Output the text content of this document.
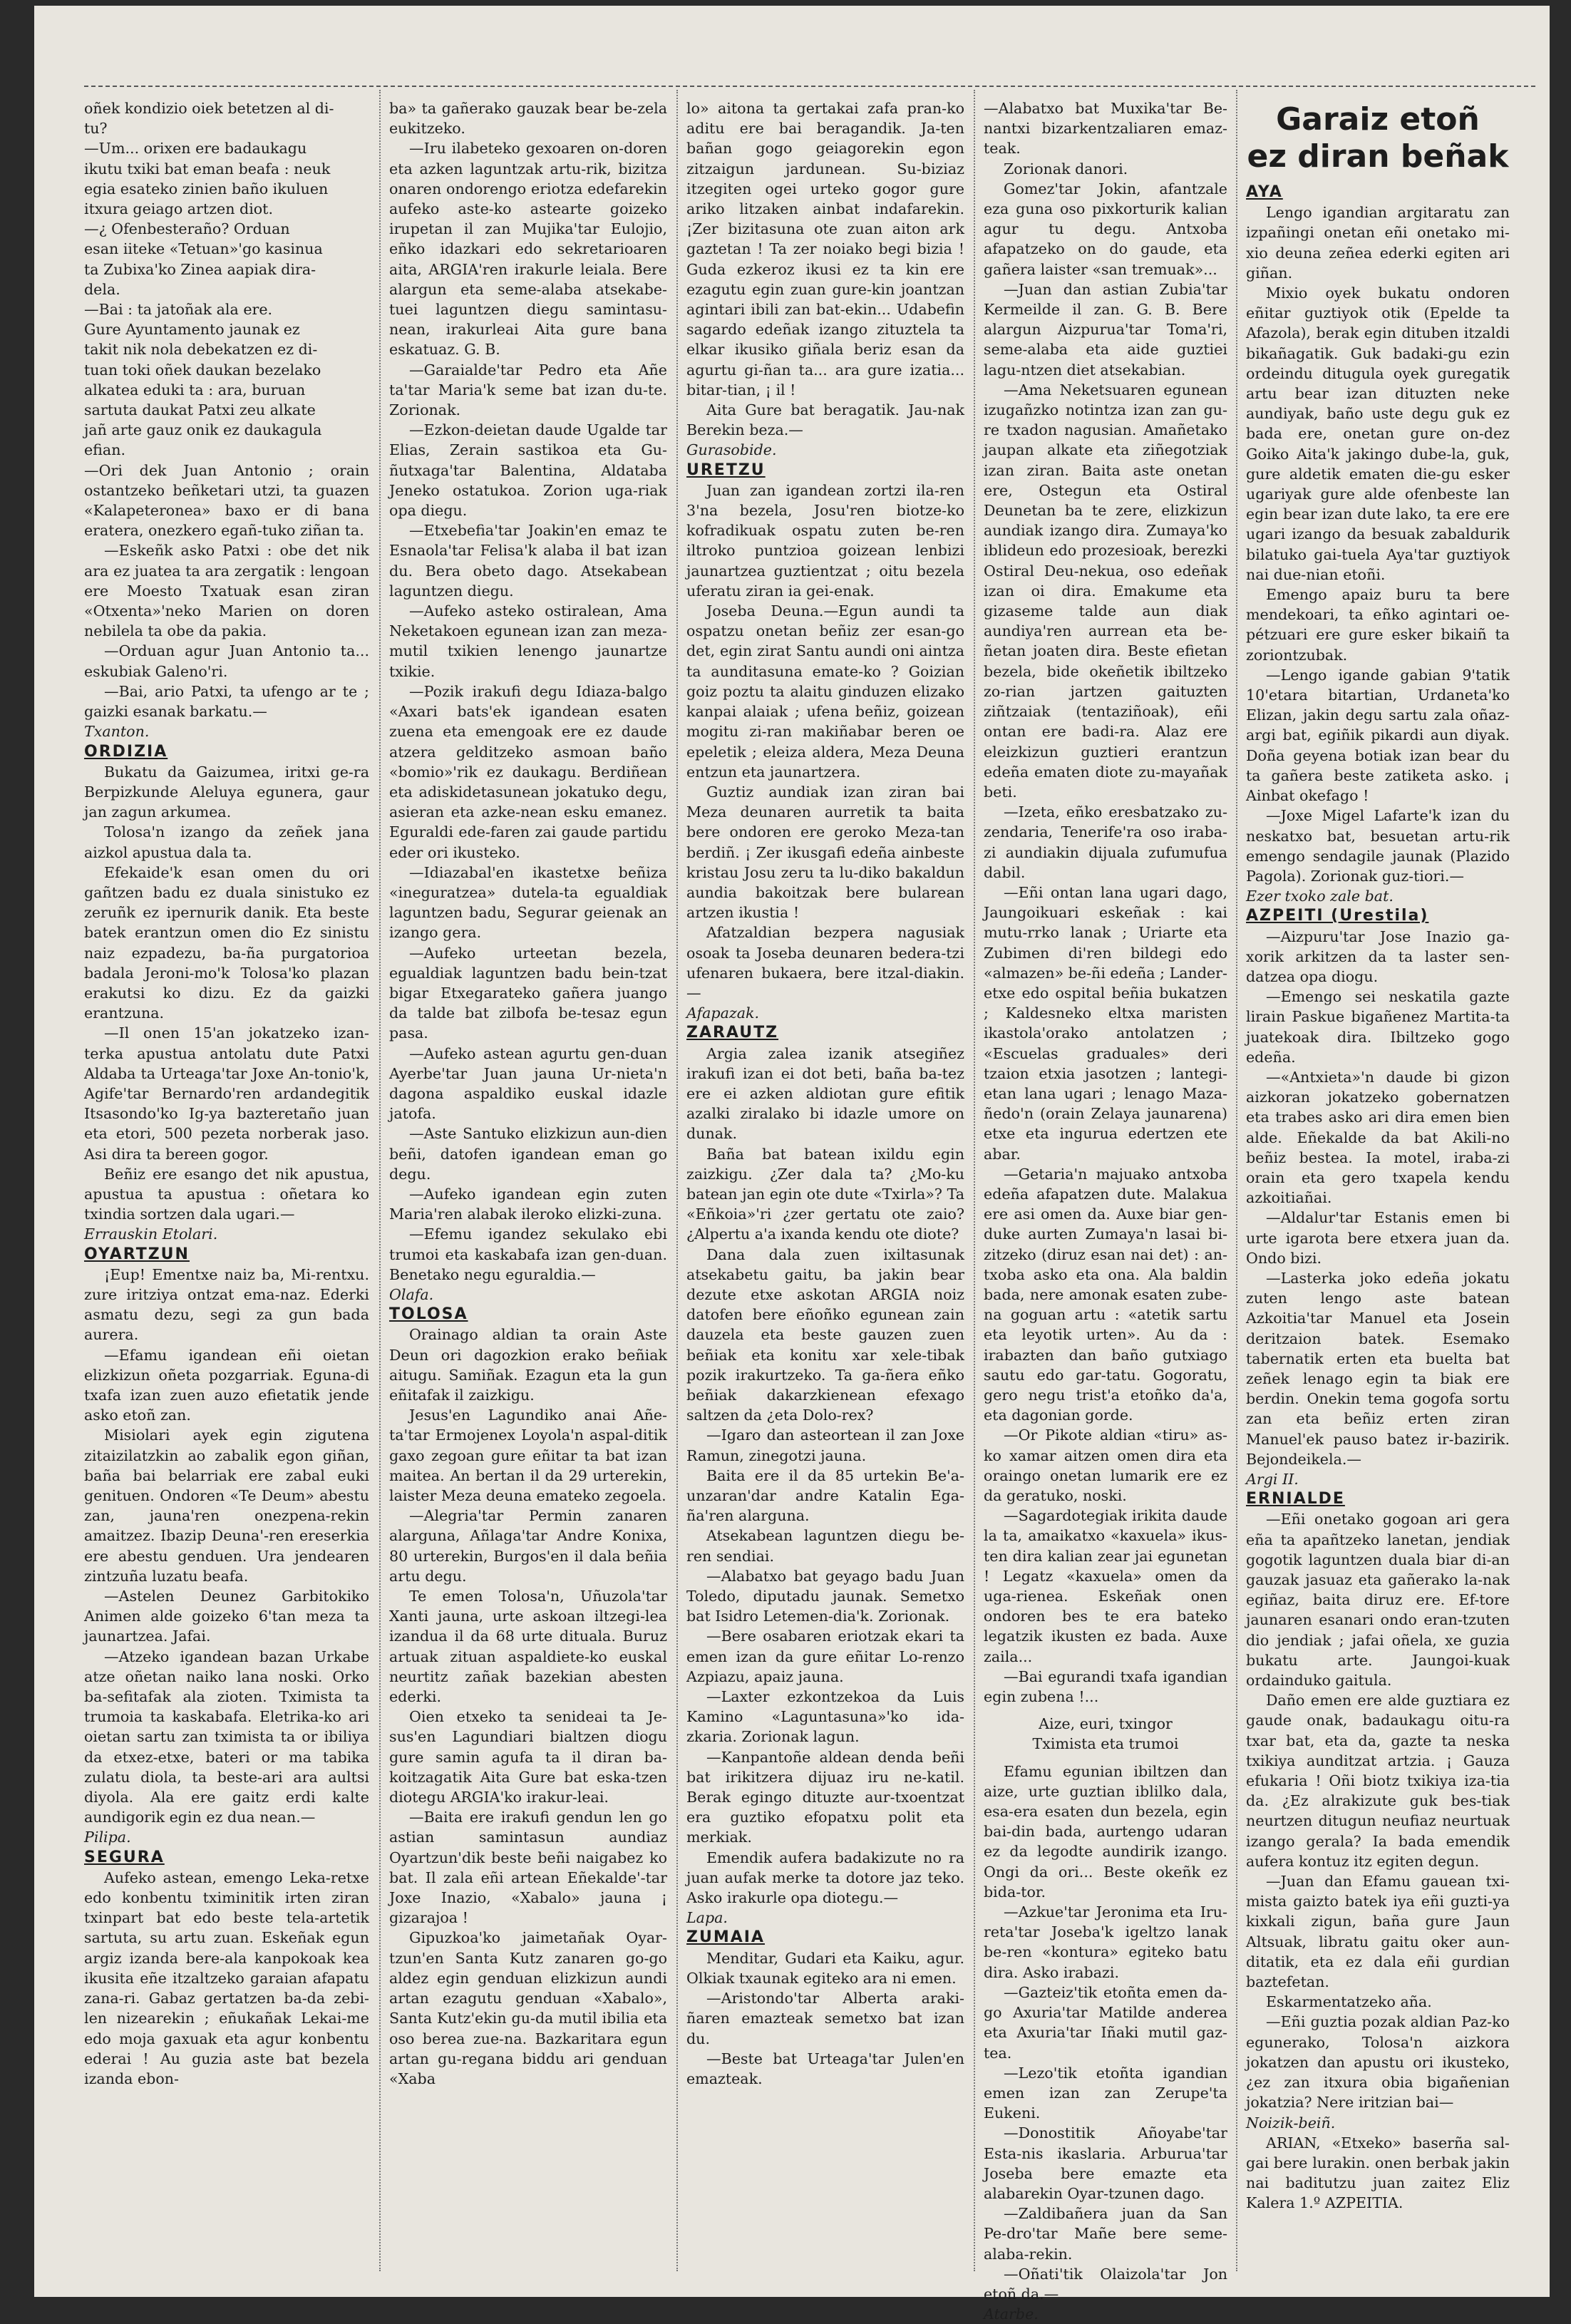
oñek kondizio oiek betetzen al di-

tu?

—Um... orixen ere badaukagu

ikutu txiki bat eman beafa : neuk

egia esateko zinien baño ikuluen

itxura geiago artzen diot.

—¿ Ofenbesteraño? Orduan

esan iiteke «Tetuan»'go kasinua

ta Zubixa'ko Zinea aapiak dira-

dela.

—Bai : ta jatoñak ala ere.

Gure Ayuntamento jaunak ez

takit nik nola debekatzen ez di-

tuan toki oñek daukan bezelako

alkatea eduki ta : ara, buruan

sartuta daukat Patxi zeu alkate

jañ arte gauz onik ez daukagula

efian.

—Ori dek Juan Antonio ; orain ostantzeko beñketari utzi, ta guazen «Kalapeteronea» baxo er di bana eratera, onezkero egañ-tuko ziñan ta.

—Eskeñk asko Patxi : obe det nik ara ez juatea ta ara zergatik : lengoan ere Moesto Txatuak esan ziran «Otxenta»'neko Marien on doren nebilela ta obe da pakia.

—Orduan agur Juan Antonio ta... eskubiak Galeno'ri.

—Bai, ario Patxi, ta ufengo ar te ; gaizki esanak barkatu.—

Txanton.

ORDIZIA

Bukatu da Gaizumea, iritxi ge-ra Berpizkunde Aleluya egunera, gaur jan zagun arkumea.

Tolosa'n izango da zeñek jana aizkol apustua dala ta.

Efekaide'k esan omen du ori gañtzen badu ez duala sinistuko ez zeruñk ez ipernurik danik. Eta beste batek erantzun omen dio Ez sinistu naiz ezpadezu, ba-ña purgatorioa badala Jeroni-mo'k Tolosa'ko plazan erakutsi ko dizu. Ez da gaizki erantzuna.

—Il onen 15'an jokatzeko izan-terka apustua antolatu dute Patxi Aldaba ta Urteaga'tar Joxe An-tonio'k, Agife'tar Bernardo'ren ardandegitik Itsasondo'ko Ig-ya bazteretaño juan eta etori, 500 pezeta norberak jaso. Asi dira ta bereen gogor.

Beñiz ere esango det nik apustua, apustua ta apustua : oñetara ko txindia sortzen dala ugari.—

Errauskin Etolari.

OYARTZUN

¡Eup! Ementxe naiz ba, Mi-rentxu. zure iritziya ontzat ema-naz. Ederki asmatu dezu, segi za gun bada aurera.

—Efamu igandean eñi oietan elizkizun oñeta pozgarriak. Eguna-di txafa izan zuen auzo efietatik jende asko etoñ zan.

Misiolari ayek egin zigutena zitaizilatzkin ao zabalik egon giñan, baña bai belarriak ere zabal euki genituen. Ondoren «Te Deum» abestu zan, jauna'ren onezpena-rekin amaitzez. Ibazip Deuna'-ren ereserkia ere abestu genduen. Ura jendearen zintzuña luzatu beafa.

—Astelen Deunez Garbitokiko Animen alde goizeko 6'tan meza ta jaunartzea. Jafai.

—Atzeko igandean bazan Urkabe atze oñetan naiko lana noski. Orko ba-sefitafak ala zioten. Tximista ta trumoia ta kaskabafa. Eletrika-ko ari oietan sartu zan tximista ta or ibiliya da etxez-etxe, bateri or ma tabika zulatu diola, ta beste-ari ara aultsi diyola. Ala ere gaitz erdi kalte aundigorik egin ez dua nean.—

Pilipa.

SEGURA

Aufeko astean, emengo Leka-retxe edo konbentu tximinitik irten ziran txinpart bat edo beste tela-artetik sartuta, su artu zuan. Eskeñak egun argiz izanda bere-ala kanpokoak kea ikusita eñe itzaltzeko garaian afapatu zana-ri. Gabaz gertatzen ba-da zebi-len nizearekin ; eñukañak Lekai-me edo moja gaxuak eta agur konbentu ederai ! Au guzia aste bat bezela izanda ebon-

ba» ta gañerako gauzak bear be-zela eukitzeko.

—Iru ilabeteko gexoaren on-doren eta azken laguntzak artu-rik, bizitza onaren ondorengo eriotza edefarekin aufeko aste-ko astearte goizeko irupetan il zan Mujika'tar Eulojio, eñko idazkari edo sekretarioaren aita, ARGIA'ren irakurle leiala. Bere alargun eta seme-alaba atsekabe-tuei laguntzen diegu samintasu-nean, irakurleai Aita gure bana eskatuaz. G. B.

—Garaialde'tar Pedro eta Añe ta'tar Maria'k seme bat izan du-te. Zorionak.

—Ezkon-deietan daude Ugalde tar Elias, Zerain sastikoa eta Gu-ñutxaga'tar Balentina, Aldataba Jeneko ostatukoa. Zorion uga-riak opa diegu.

—Etxebefia'tar Joakin'en emaz te Esnaola'tar Felisa'k alaba il bat izan du. Bera obeto dago. Atsekabean laguntzen diegu.

—Aufeko asteko ostiralean, Ama Neketakoen egunean izan zan meza-mutil txikien lenengo jaunartze txikie.

—Pozik irakufi degu Idiaza-balgo «Axari bats'ek igandean esaten zuena eta emengoak ere ez daude atzera gelditzeko asmoan baño «bomio»'rik ez daukagu. Berdiñean eta adiskidetasunean jokatuko degu, asieran eta azke-nean esku emanez. Eguraldi ede-faren zai gaude partidu eder ori ikusteko.

—Idiazabal'en ikastetxe beñiza «ineguratzea» dutela-ta egualdiak laguntzen badu, Segurar geienak an izango gera.

—Aufeko urteetan bezela, egualdiak laguntzen badu bein-tzat bigar Etxegarateko gañera juango da talde bat zilbofa be-tesaz egun pasa.

—Aufeko astean agurtu gen-duan Ayerbe'tar Juan jauna Ur-nieta'n dagona aspaldiko euskal idazle jatofa.

—Aste Santuko elizkizun aun-dien beñi, datofen igandean eman go degu.

—Aufeko igandean egin zuten Maria'ren alabak ileroko elizki-zuna.

—Efemu igandez sekulako ebi trumoi eta kaskabafa izan gen-duan. Benetako negu eguraldia.—

Olafa.

TOLOSA

Orainago aldian ta orain Aste Deun ori dagozkion erako beñiak aitugu. Samiñak. Ezagun eta la gun eñitafak il zaizkigu.

Jesus'en Lagundiko anai Añe-ta'tar Ermojenex Loyola'n aspal-ditik gaxo zegoan gure eñitar ta bat izan maitea. An bertan il da 29 urterekin, laister Meza deuna emateko zegoela.

—Alegria'tar Permin zanaren alarguna, Añlaga'tar Andre Konixa, 80 urterekin, Burgos'en il dala beñia artu degu.

Te emen Tolosa'n, Uñuzola'tar Xanti jauna, urte askoan iltzegi-lea izandua il da 68 urte dituala. Buruz artuak zituan aspaldiete-ko euskal neurtitz zañak bazekian abesten ederki.

Oien etxeko ta senideai ta Je-sus'en Lagundiari bialtzen diogu gure samin agufa ta il diran ba-koitzagatik Aita Gure bat eska-tzen diotegu ARGIA'ko irakur-leai.

—Baita ere irakufi gendun len go astian samintasun aundiaz Oyartzun'dik beste beñi naigabez ko bat. Il zala eñi artean Eñekalde'-tar Joxe Inazio, «Xabalo» jauna ¡ gizarajoa !

Gipuzkoa'ko jaimetañak Oyar-tzun'en Santa Kutz zanaren go-go aldez egin genduan elizkizun aundi artan ezagutu genduan «Xabalo», Santa Kutz'ekin gu-da mutil ibilia eta oso berea zue-na. Bazkaritara egun artan gu-regana biddu ari genduan «Xaba

lo» aitona ta gertakai zafa pran-ko aditu ere bai beragandik. Ja-ten bañan gogo geiagorekin egon zitzaigun jardunean. Su-biziaz itzegiten ogei urteko gogor gure ariko litzaken ainbat indafarekin. ¡Zer bizitasuna ote zuan aiton ark gaztetan ! Ta zer noiako begi bizia ! Guda ezkeroz ikusi ez ta kin ere ezagutu egin zuan gure-kin joantzan agintari ibili zan bat-ekin... Udabefin sagardo edeñak izango zituztela ta elkar ikusiko giñala beriz esan da agurtu gi-ñan ta... ara gure izatia... bitar-tian, ¡ il !

Aita Gure bat beragatik. Jau-nak Berekin beza.—

Gurasobide.

URETZU

Juan zan igandean zortzi ila-ren 3'na bezela, Josu'ren biotze-ko kofradikuak ospatu zuten be-ren iltroko puntzioa goizean lenbizi jaunartzea guztientzat ; oitu bezela uferatu ziran ia gei-enak.

Joseba Deuna.—Egun aundi ta ospatzu onetan beñiz zer esan-go det, egin zirat Santu aundi oni aintza ta aunditasuna emate-ko ? Goizian goiz poztu ta alaitu ginduzen elizako kanpai alaiak ; ufena beñiz, goizean mogitu zi-ran makiñabar beren oe epeletik ; eleiza aldera, Meza Deuna entzun eta jaunartzera.

Guztiz aundiak izan ziran bai Meza deunaren aurretik ta baita bere ondoren ere geroko Meza-tan berdiñ. ¡ Zer ikusgafi edeña ainbeste kristau Josu zeru ta lu-diko bakaldun aundia bakoitzak bere bularean artzen ikustia !

Afatzaldian bezpera nagusiak osoak ta Joseba deunaren bedera-tzi ufenaren bukaera, bere itzal-diakin.—

Afapazak.

ZARAUTZ

Argia zalea izanik atsegiñez irakufi izan ei dot beti, baña ba-tez ere ei azken aldiotan gure efitik azalki ziralako bi idazle umore on dunak.

Baña bat batean ixildu egin zaizkigu. ¿Zer dala ta? ¿Mo-ku batean jan egin ote dute «Txirla»? Ta «Eñkoia»'ri ¿zer gertatu ote zaio? ¿Alpertu a'a ixanda kendu ote diote?

Dana dala zuen ixiltasunak atsekabetu gaitu, ba jakin bear dezute etxe askotan ARGIA noiz datofen bere eñoñko egunean zain dauzela eta beste gauzen zuen beñiak eta konitu xar xele-tibak pozik irakurtzeko. Ta ga-ñera eñko beñiak dakarzkienean efexago saltzen da ¿eta Dolo-rex?

—Igaro dan asteortean il zan Joxe Ramun, zinegotzi jauna.

Baita ere il da 85 urtekin Be'a-unzaran'dar andre Katalin Ega-ña'ren alarguna.

Atsekabean laguntzen diegu be-ren sendiai.

—Alabatxo bat geyago badu Juan Toledo, diputadu jaunak. Semetxo bat Isidro Letemen-dia'k. Zorionak.

—Bere osabaren eriotzak ekari ta emen izan da gure eñitar Lo-renzo Azpiazu, apaiz jauna.

—Laxter ezkontzekoa da Luis Kamino «Laguntasuna»'ko ida-zkaria. Zorionak lagun.

—Kanpantoñe aldean denda beñi bat irikitzera dijuaz iru ne-katil. Berak egingo dituzte aur-txoentzat era guztiko efopatxu polit eta merkiak.

Emendik aufera badakizute no ra juan aufak merke ta dotore jaz teko. Asko irakurle opa diotegu.—

Lapa.

ZUMAIA

Menditar, Gudari eta Kaiku, agur. Olkiak txaunak egiteko ara ni emen.

—Aristondo'tar Alberta araki-ñaren emazteak semetxo bat izan du.

—Beste bat Urteaga'tar Julen'en emazteak.

—Alabatxo bat Muxika'tar Be-nantxi bizarkentzaliaren emaz-teak.

Zorionak danori.

Gomez'tar Jokin, afantzale eza guna oso pixkorturik kalian agur tu degu. Antxoba afapatzeko on do gaude, eta gañera laister «san tremuak»...

—Juan dan astian Zubia'tar Kermeilde il zan. G. B. Bere alargun Aizpurua'tar Toma'ri, seme-alaba eta aide guztiei lagu-ntzen diet atsekabian.

—Ama Neketsuaren egunean izugañzko notintza izan zan gu-re txadon nagusian. Amañetako jaupan alkate eta ziñegotziak izan ziran. Baita aste onetan ere, Ostegun eta Ostiral Deunetan ba te zere, elizkizun aundiak izango dira. Zumaya'ko iblideun edo prozesioak, berezki Ostiral Deu-nekua, oso edeñak izan oi dira. Emakume eta gizaseme talde aun diak aundiya'ren aurrean eta be-ñetan joaten dira. Beste efietan bezela, bide okeñetik ibiltzeko zo-rian jartzen gaituzten ziñtzaiak (tentaziñoak), eñi ontan ere badi-ra. Alaz ere eleizkizun guztieri erantzun edeña ematen diote zu-mayañak beti.

—Izeta, eñko eresbatzako zu-zendaria, Tenerife'ra oso iraba-zi aundiakin dijuala zufumufua dabil.

—Eñi ontan lana ugari dago, Jaungoikuari eskeñak : kai mutu-rrko lanak ; Uriarte eta Zubimen di'ren bildegi edo «almazen» be-ñi edeña ; Lander-etxe edo ospital beñia bukatzen ; Kaldesneko eltxa maristen ikastola'orako antolatzen ; «Escuelas graduales» deri tzaion etxia jasotzen ; lantegi-etan lana ugari ; lenago Maza-ñedo'n (orain Zelaya jaunarena) etxe eta ingurua edertzen ete abar.

—Getaria'n majuako antxoba edeña afapatzen dute. Malakua ere asi omen da. Auxe biar gen-duke aurten Zumaya'n lasai bi-zitzeko (diruz esan nai det) : an-txoba asko eta ona. Ala baldin bada, nere amonak esaten zube-na goguan artu : «atetik sartu eta leyotik urten». Au da : irabazten dan baño gutxiago sautu edo gar-tatu. Gogoratu, gero negu trist'a etoñko da'a, eta dagonian gorde.

—Or Pikote aldian «tiru» as-ko xamar aitzen omen dira eta oraingo onetan lumarik ere ez da geratuko, noski.

—Sagardotegiak irikita daude la ta, amaikatxo «kaxuela» ikus-ten dira kalian zear jai egunetan ! Legatz «kaxuela» omen da uga-rienea. Eskeñak onen ondoren bes te era bateko legatzik ikusten ez bada. Auxe zaila...

—Bai egurandi txafa igandian egin zubena !...

Aize, euri, txingor
Tximista eta trumoi

Efamu egunian ibiltzen dan aize, urte guztian iblilko dala, esa-era esaten dun bezela, egin bai-din bada, aurtengo udaran ez da legodte aundirik izango. Ongi da ori... Beste okeñk ez bida-tor.

—Azkue'tar Jeronima eta Iru-reta'tar Joseba'k igeltzo lanak be-ren «kontura» egiteko batu dira. Asko irabazi.

—Gazteiz'tik etoñta emen da-go Axuria'tar Matilde anderea eta Axuria'tar Iñaki mutil gaz-tea.

—Lezo'tik etoñta igandian emen izan zan Zerupe'ta Eukeni.

—Donostitik Añoyabe'tar Esta-nis ikaslaria. Arburua'tar Joseba bere emazte eta alabarekin Oyar-tzunen dago.

—Zaldibañera juan da San Pe-dro'tar Mañe bere seme-alaba-rekin.

—Oñati'tik Olaizola'tar Jon etoñ da.—

Atarbe.

Garaiz etoñ
ez diran beñak

AYA

Lengo igandian argitaratu zan izpañingi onetan eñi onetako mi-xio deuna zeñea ederki egiten ari giñan.

Mixio oyek bukatu ondoren eñitar guztiyok otik (Epelde ta Afazola), berak egin dituben itzaldi bikañagatik. Guk badaki-gu ezin ordeindu ditugula oyek guregatik artu bear izan dituzten neke aundiyak, baño uste degu guk ez bada ere, onetan gure on-dez Goiko Aita'k jakingo dube-la, guk, gure aldetik ematen die-gu esker ugariyak gure alde ofenbeste lan egin bear izan dute lako, ta ere ere ugari izango da besuak zabaldurik bilatuko gai-tuela Aya'tar guztiyok nai due-nian etoñi.

Emengo apaiz buru ta bere mendekoari, ta eñko agintari oe-pétzuari ere gure esker bikaiñ ta zoriontzubak.

—Lengo igande gabian 9'tatik 10'etara bitartian, Urdaneta'ko Elizan, jakin degu sartu zala oñaz-argi bat, egiñik pikardi aun diyak. Doña geyena botiak izan bear du ta gañera beste zatiketa asko. ¡ Ainbat okefago !

—Joxe Migel Lafarte'k izan du neskatxo bat, besuetan artu-rik emengo sendagile jaunak (Plazido Pagola). Zorionak guz-tiori.—

Ezer txoko zale bat.

AZPEITI (Urestila)

—Aizpuru'tar Jose Inazio ga-xorik arkitzen da ta laster sen-datzea opa diogu.

—Emengo sei neskatila gazte lirain Paskue bigañenez Martita-ta juatekoak dira. Ibiltzeko gogo edeña.

—«Antxieta»'n daude bi gizon aizkoran jokatzeko gobernatzen eta trabes asko ari dira emen bien alde. Eñekalde da bat Akili-no beñiz bestea. Ia motel, iraba-zi orain eta gero txapela kendu azkoitiañai.

—Aldalur'tar Estanis emen bi urte igarota bere etxera juan da. Ondo bizi.

—Lasterka joko edeña jokatu zuten lengo aste batean Azkoitia'tar Manuel eta Josein deritzaion batek. Esemako tabernatik erten eta buelta bat zeñek lenago egin ta biak ere berdin. Onekin tema gogofa sortu zan eta beñiz erten ziran Manuel'ek pauso batez ir-bazirik. Bejondeikela.—

Argi II.

ERNIALDE

—Eñi onetako gogoan ari gera eña ta apañtzeko lanetan, jendiak gogotik laguntzen duala biar di-an gauzak jasuaz eta gañerako la-nak egiñaz, baita diruz ere. Ef-tore jaunaren esanari ondo eran-tzuten dio jendiak ; jafai oñela, xe guzia bukatu arte. Jaungoi-kuak ordainduko gaitula.

Daño emen ere alde guztiara ez gaude onak, badaukagu oitu-ra txar bat, eta da, gazte ta neska txikiya aunditzat artzia. ¡ Gauza efukaria ! Oñi biotz txikiya iza-tia da. ¿Ez alrakizute guk bes-tiak neurtzen ditugun neufiaz neurtuak izango gerala? Ia bada emendik aufera kontuz itz egiten degun.

—Juan dan Efamu gauean txi-mista gaizto batek iya eñi guzti-ya kixkali zigun, baña gure Jaun Altsuak, libratu gaitu oker aun-ditatik, eta ez dala eñi gurdian baztefetan.

Eskarmentatzeko aña.

—Eñi guztia pozak aldian Paz-ko egunerako, Tolosa'n aizkora jokatzen dan apustu ori ikusteko, ¿ez zan itxura obia bigañenian jokatzia? Nere iritzian bai—

Noizik-beiñ.

ARIAN, «Etxeko» baserña sal-gai bere lurakin. onen berbak jakin nai baditutzu juan zaitez Eliz Kalera 1.º AZPEITIA.
